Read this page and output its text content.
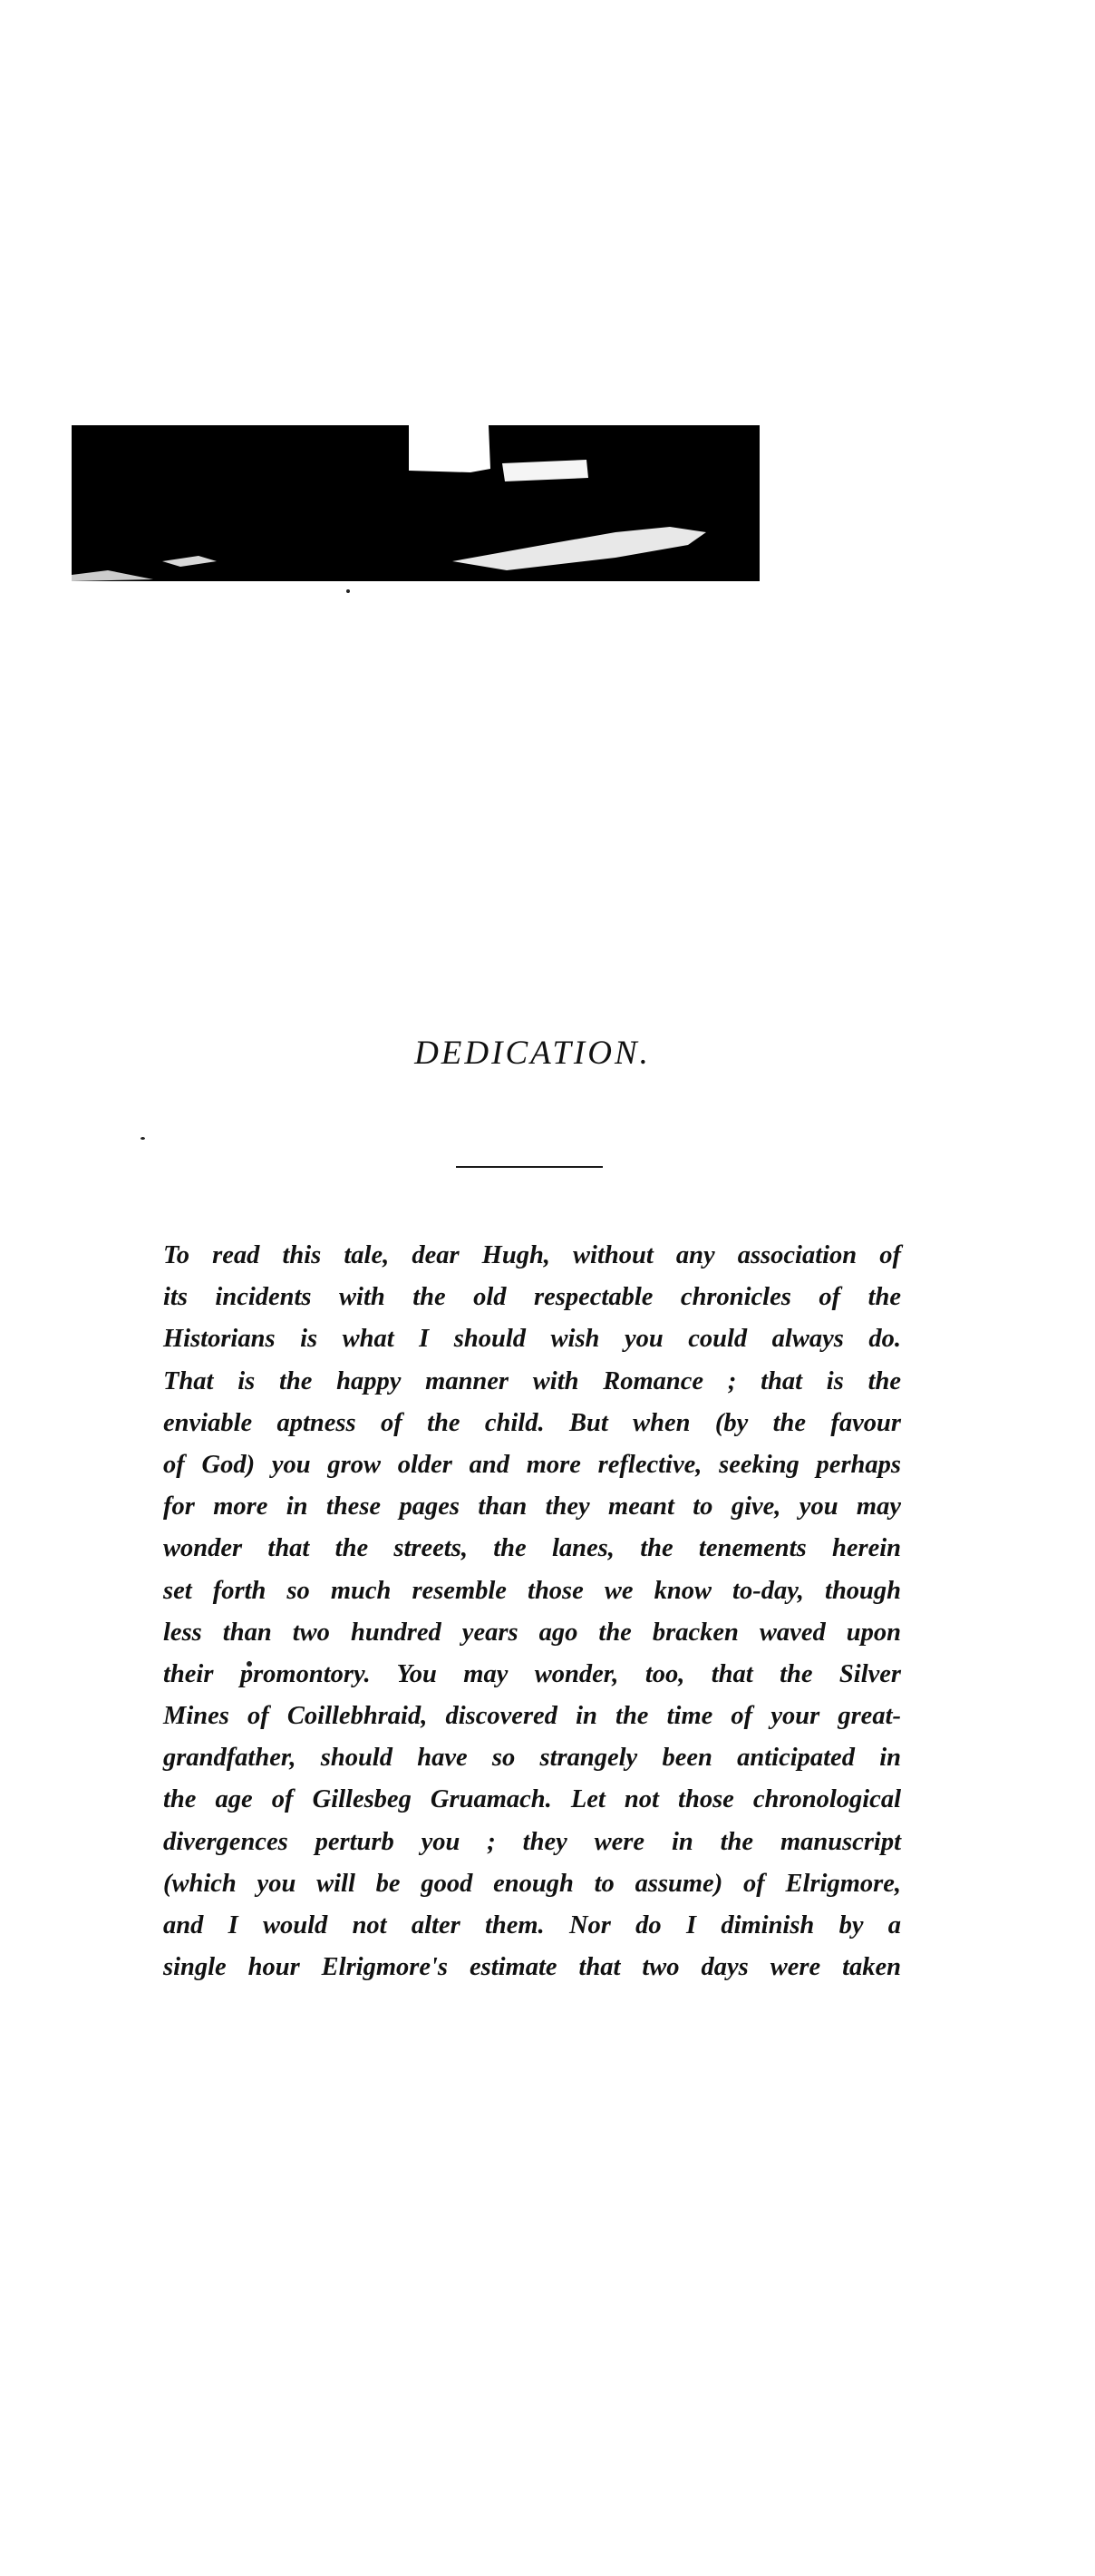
DEDICATION.
To read this tale, dear Hugh, without any association of
its incidents with the old respectable chronicles of the
Historians is what I should wish you could always do.
That is the happy manner with Romance ; that is the
enviable aptness of the child. But when (by the favour
of God) you grow older and more reflective, seeking perhaps
for more in these pages than they meant to give, you may
wonder that the streets, the lanes, the tenements herein
set forth so much resemble those we know to-day, though
less than two hundred years ago the bracken waved upon
their promontory. You may wonder, too, that the Silver
Mines of Coillebhraid, discovered in the time of your great-
grandfather, should have so strangely been anticipated in
the age of Gillesbeg Gruamach. Let not those chronological
divergences perturb you ; they were in the manuscript
(which you will be good enough to assume) of Elrigmore,
and I would not alter them. Nor do I diminish by a
single hour Elrigmore's estimate that two days were taken
